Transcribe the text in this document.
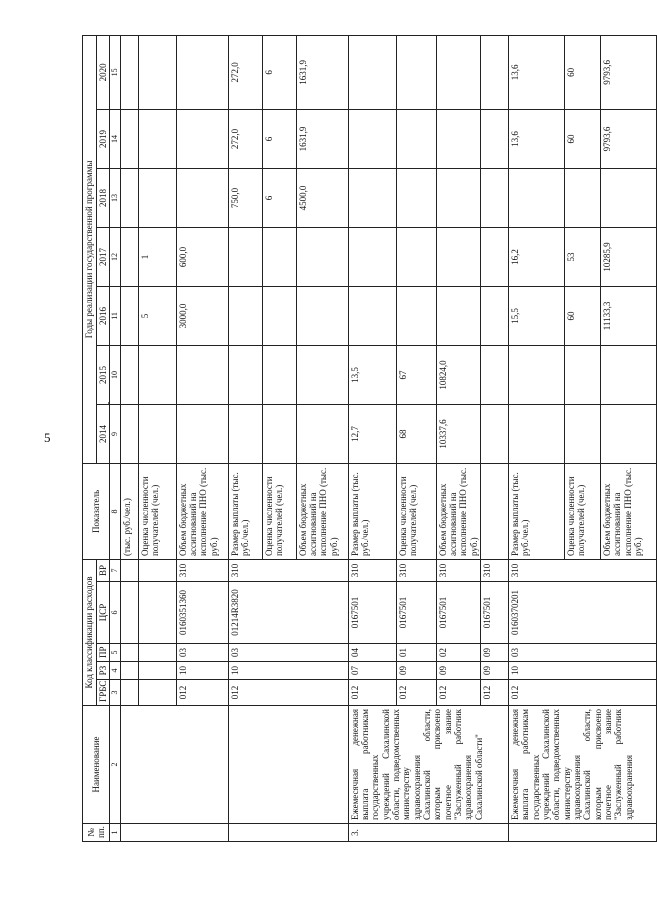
5
№ пп.	Наименование	Код классификации расходов					Показатель	Годы реализации государственной программы						
		ГРБС	РЗ	ПР	ЦСР	ВР		2014	2015	2016	2017	2018	2019	2020
1	2	3	4	5	6	7	8	9	10	11	12	13	14	15
							(тыс. руб./чел.)							
							Оценка численности получателей (чел.)			5	1			
		012	10	03	0160351360	310	Объем бюджетных ассигнований на исполнение ПНО (тыс. руб.)			3000,0	600,0			
		012	10	03	01214R3820	310	Размер выплаты (тыс. руб./чел.)					750,0	272,0	272,0
							Оценка численности получателей (чел.)					6	6	6
							Объем бюджетных ассигнований на исполнение ПНО (тыс. руб.)					4500,0	1631,9	1631,9
3.	Ежемесячная денежная выплата работникам государственных учреждений Сахалинской области, подведомственных министерству здравоохранения Сахалинской области, которым присвоено почетное звание "Заслуженный работник здравоохранения Сахалинской области"	012	07	04	0167501	310	Размер выплаты (тыс. руб./чел.)	12,7	13,5					
		012	09	01	0167501	310	Оценка численности получателей (чел.)	68	67					
		012	09	02	0167501	310	Объем бюджетных ассигнований на исполнение ПНО (тыс. руб.)	10337,6	10824,0					
		012	09	09	0167501	310								
	Ежемесячная денежная выплата работникам государственных учреждений Сахалинской области, подведомственных министерству здравоохранения Сахалинской области, которым присвоено почетное звание "Заслуженный работник здравоохранения	012	10	03	0160370201	310	Размер выплаты (тыс. руб./чел.)			15,5	16,2		13,6	13,6
							Оценка численности получателей (чел.)			60	53		60	60
							Объем бюджетных ассигнований на исполнение ПНО (тыс. руб.)			11133,3	10285,9		9793,6	9793,6
